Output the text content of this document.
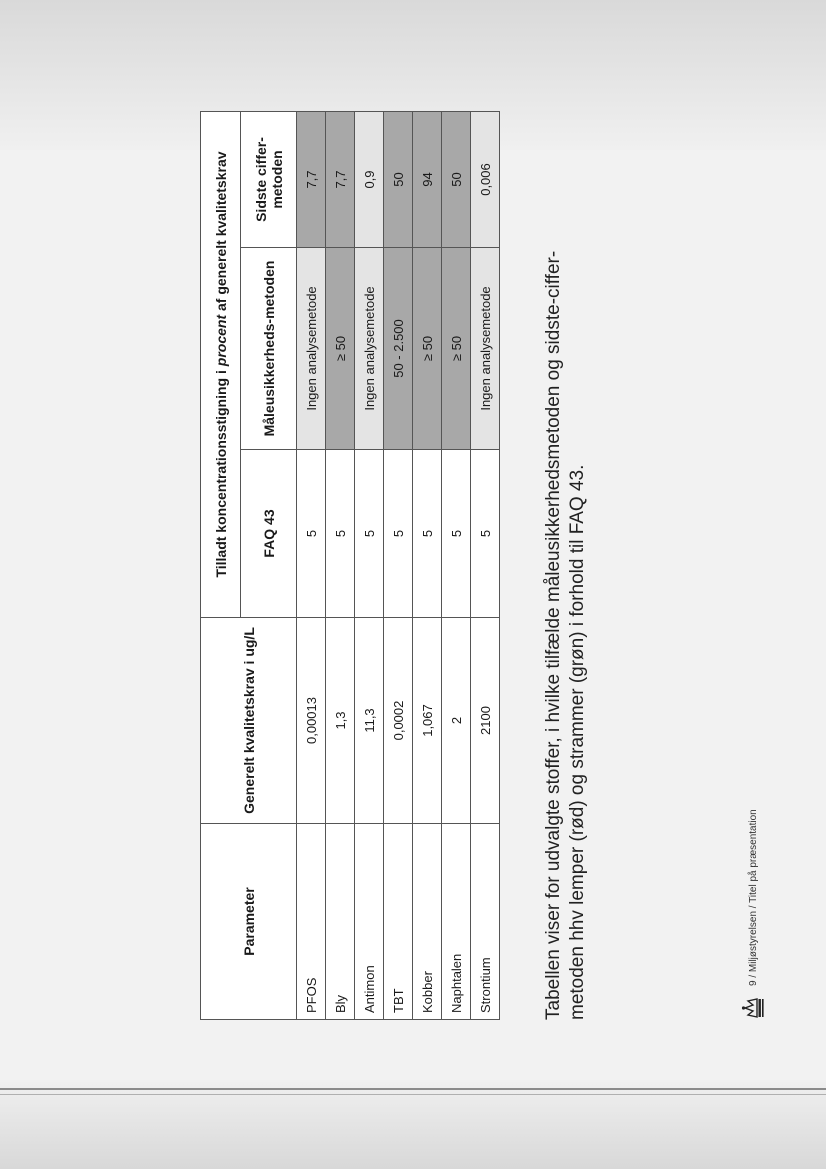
Parameter	Generelt kvalitetskrav i ug/L	Tilladt koncentrationsstigning i procent af generelt kvalitetskrav		
		FAQ 43	Måleusikkerheds-metoden	Sidste ciffer-metoden
PFOS	0,00013	5	Ingen analysemetode	7,7
Bly	1,3	5	≥ 50	7,7
Antimon	11,3	5	Ingen analysemetode	0,9
TBT	0,0002	5	50 - 2.500	50
Kobber	1,067	5	≥ 50	94
Naphtalen	2	5	≥ 50	50
Strontium	2100	5	Ingen analysemetode	0,006

Tabellen viser for udvalgte stoffer, i hvilke tilfælde måleusikkerhedsmetoden og sidste-ciffer- metoden hhv lemper (rød) og strammer (grøn) i forhold til FAQ 43.	9 / Miljøstyrelsen / Titel på præsentation
